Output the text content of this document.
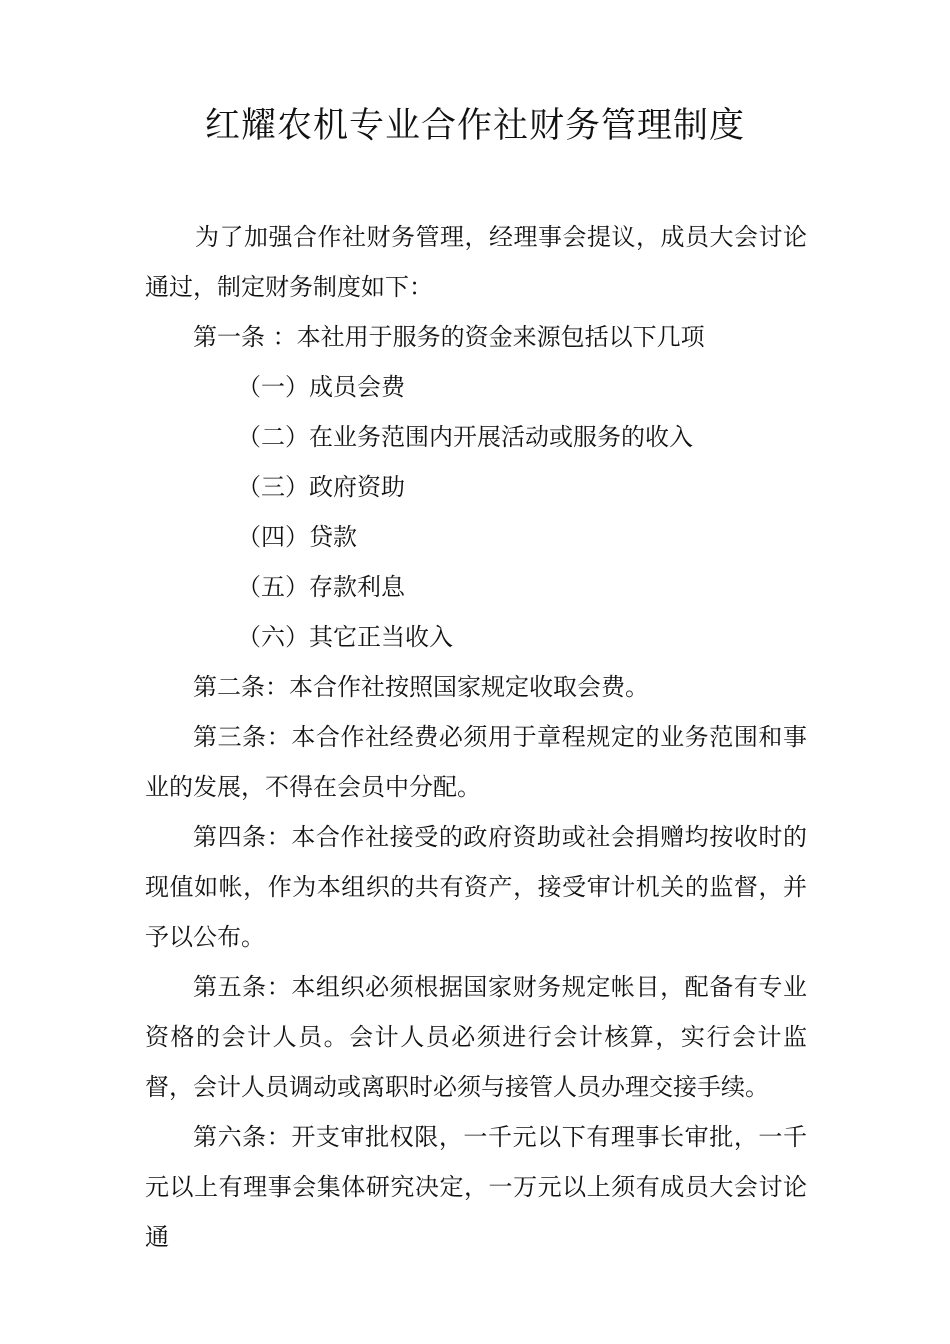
红耀农机专业合作社财务管理制度

为了加强合作社财务管理，经理事会提议，成员大会讨论通过，制定财务制度如下：

第一条 ：本社用于服务的资金来源包括以下几项

（一）成员会费

（二）在业务范围内开展活动或服务的收入

（三）政府资助

（四）贷款

（五）存款利息

（六）其它正当收入

第二条：本合作社按照国家规定收取会费。

第三条：本合作社经费必须用于章程规定的业务范围和事业的发展，不得在会员中分配。

第四条：本合作社接受的政府资助或社会捐赠均按收时的现值如帐，作为本组织的共有资产，接受审计机关的监督，并予以公布。

第五条：本组织必须根据国家财务规定帐目，配备有专业资格的会计人员。会计人员必须进行会计核算，实行会计监督，会计人员调动或离职时必须与接管人员办理交接手续。

第六条：开支审批权限，一千元以下有理事长审批，一千元以上有理事会集体研究决定，一万元以上须有成员大会讨论通
